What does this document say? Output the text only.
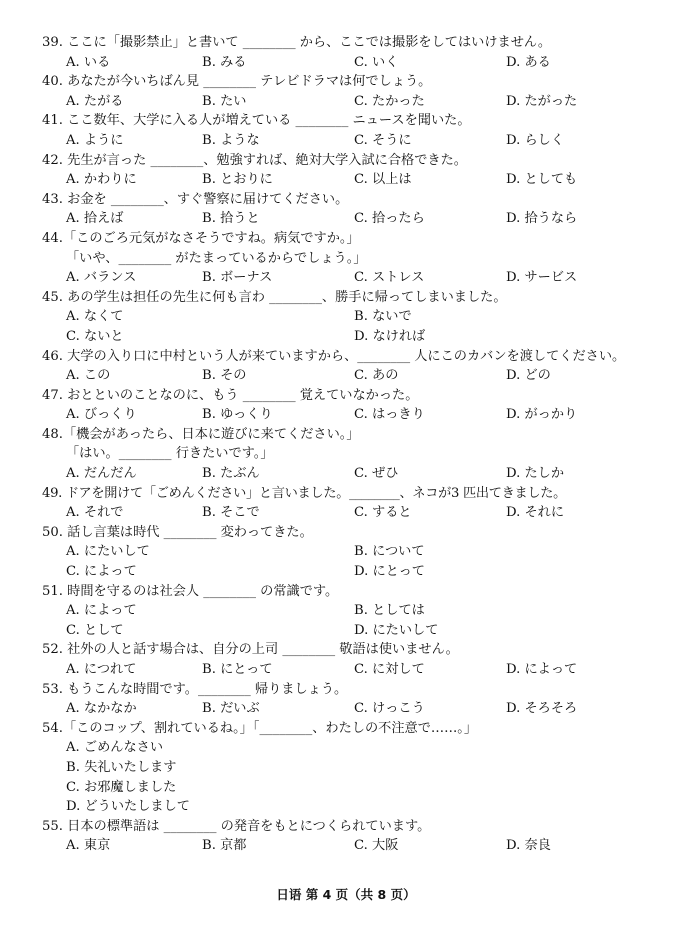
39. ここに「撮影禁止」と書いて ________ から、ここでは撮影をしてはいけません。
A. いる	B. みる	C. いく	D. ある
40. あなたが今いちばん見 ________ テレビドラマは何でしょう。
A. たがる	B. たい	C. たかった	D. たがった
41. ここ数年、大学に入る人が増えている ________ ニュースを聞いた。
A. ように	B. ような	C. そうに	D. らしく
42. 先生が言った ________、勉強すれば、絶対大学入試に合格できた。
A. かわりに	B. とおりに	C. 以上は	D. としても
43. お金を ________、すぐ警察に届けてください。
A. 拾えば	B. 拾うと	C. 拾ったら	D. 拾うなら
44.「このごろ元気がなさそうですね。病気ですか。」
「いや、________ がたまっているからでしょう。」
A. バランス	B. ボーナス	C. ストレス	D. サービス
45. あの学生は担任の先生に何も言わ ________、勝手に帰ってしまいました。
A. なくて	B. ないで
C. ないと	D. なければ
46. 大学の入り口に中村という人が来ていますから、________ 人にこのカバンを渡してください。
A. この	B. その	C. あの	D. どの
47. おとといのことなのに、もう ________ 覚えていなかった。
A. びっくり	B. ゆっくり	C. はっきり	D. がっかり
48.「機会があったら、日本に遊びに来てください。」
「はい。________ 行きたいです。」
A. だんだん	B. たぶん	C. ぜひ	D. たしか
49. ドアを開けて「ごめんください」と言いました。________、ネコが3 匹出てきました。
A. それで	B. そこで	C. すると	D. それに
50. 話し言葉は時代 ________ 変わってきた。
A. にたいして	B. について
C. によって	D. にとって
51. 時間を守るのは社会人 ________ の常識です。
A. によって	B. としては
C. として	D. にたいして
52. 社外の人と話す場合は、自分の上司 ________ 敬語は使いません。
A. につれて	B. にとって	C. に対して	D. によって
53. もうこんな時間です。________ 帰りましょう。
A. なかなか	B. だいぶ	C. けっこう	D. そろそろ
54.「このコップ、割れているね。」「________、わたしの不注意で……。」
A. ごめんなさい
B. 失礼いたします
C. お邪魔しました
D. どういたしまして
55. 日本の標準語は ________ の発音をもとにつくられています。
A. 東京	B. 京都	C. 大阪	D. 奈良
日语 第 4 页（共 8 页）
